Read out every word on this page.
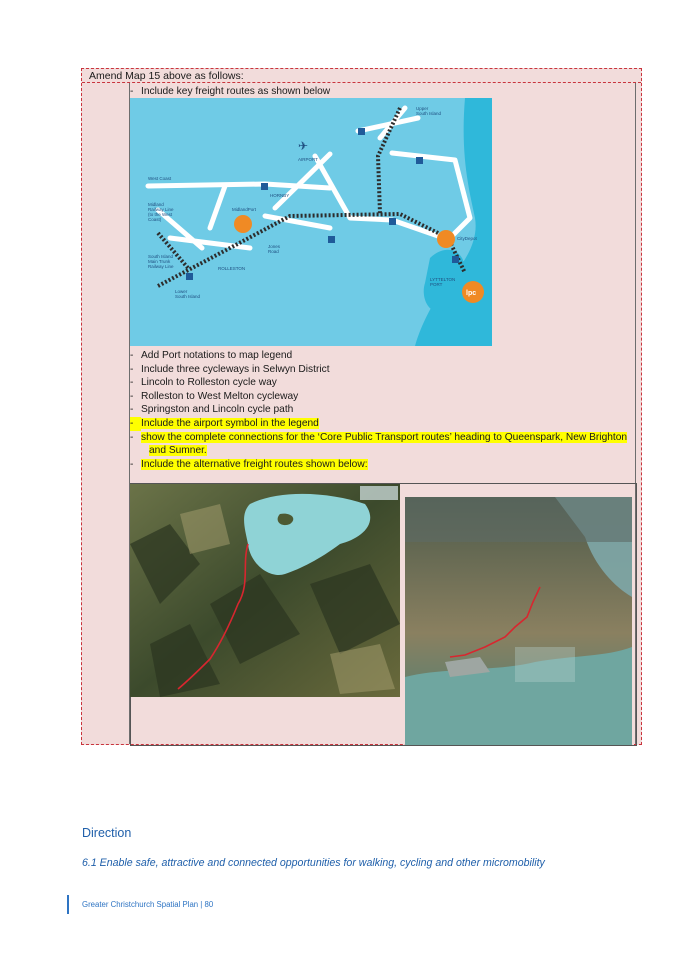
Amend Map 15 above as follows:
- Include key freight routes as shown below
lpc
✈
Upper South Island
AIRPORT
West Coast
HORNBY
Midland Railway Line (to the West Coast)
MidlandPort
Jones Road
ROLLESTON
South Island Main Trunk Railway Line
Lower South Island
CityDepot
LYTTELTON PORT
- Add Port notations to map legend
- Include three cycleways in Selwyn District
- Lincoln to Rolleston cycle way
- Rolleston to West Melton cycleway
- Springston and Lincoln cycle path
- Include the airport symbol in the legend
- show the complete connections for the ‘Core Public Transport routes’ heading to Queenspark, New Brighton
and Sumner.
- Include the alternative freight routes shown below:
Direction
6.1 Enable safe, attractive and connected opportunities for walking, cycling and other micromobility
Greater Christchurch Spatial Plan | 80
